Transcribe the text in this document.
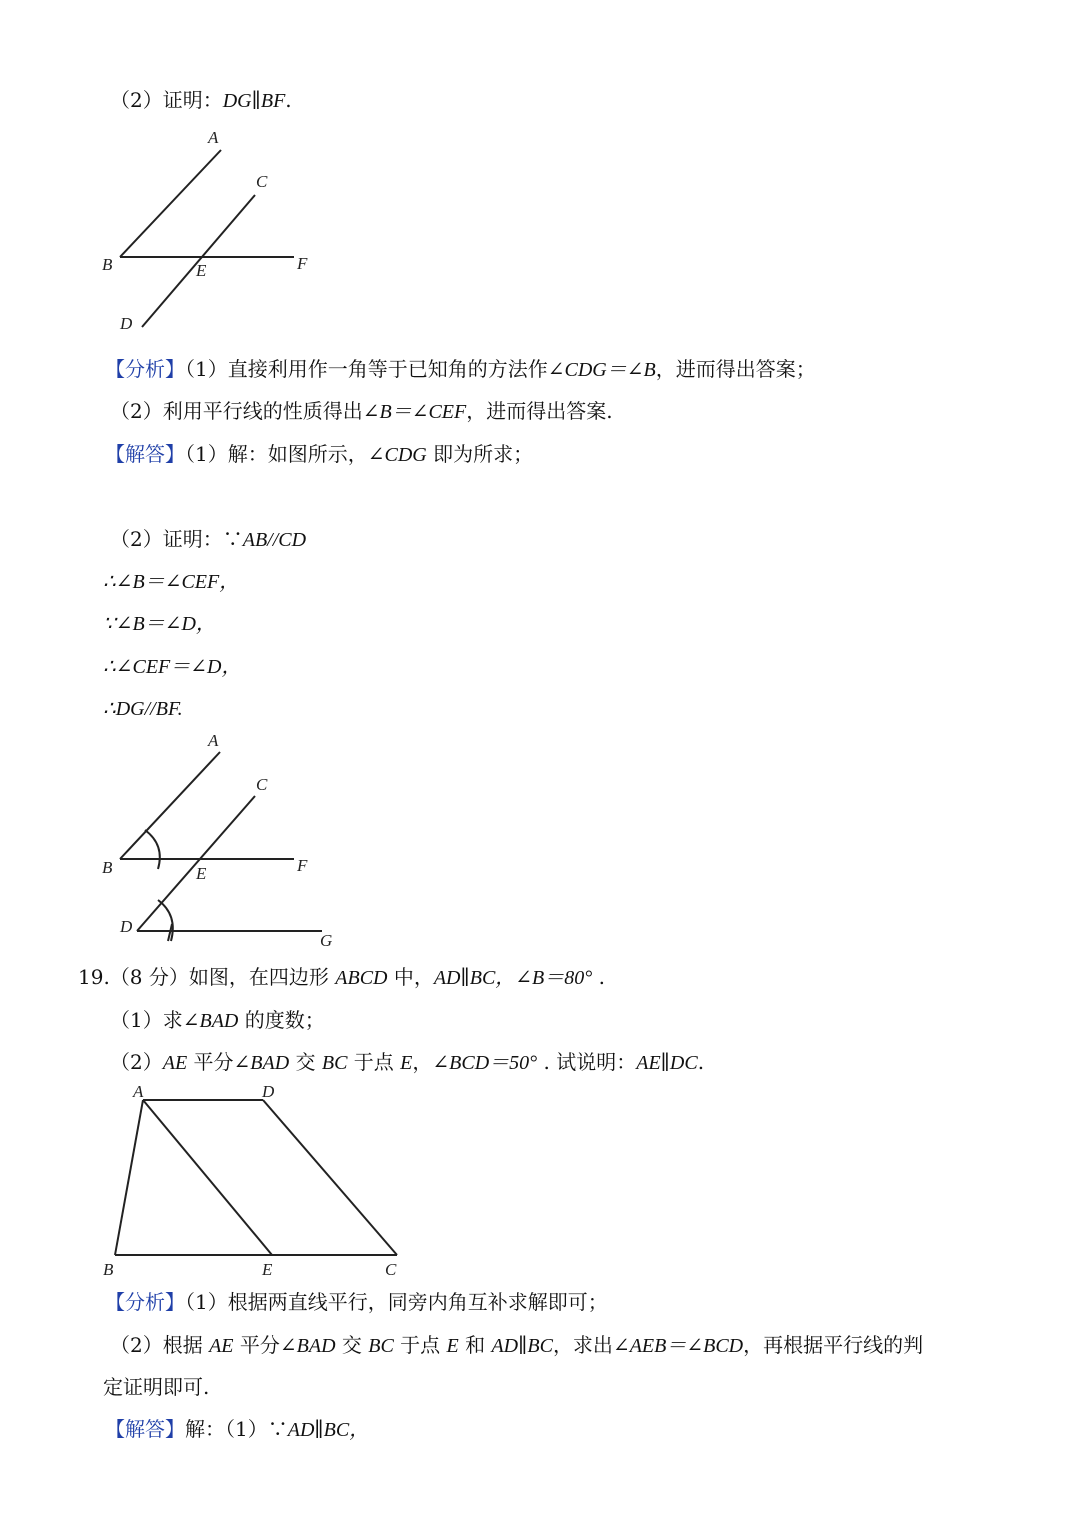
（2）证明：DG∥BF.
A
C
B	E	F
D
【分析】（1）直接利用作一角等于已知角的方法作∠CDG＝∠B，进而得出答案；
（2）利用平行线的性质得出∠B＝∠CEF，进而得出答案.
【解答】（1）解：如图所示，∠CDG 即为所求；
（2）证明：∵AB//CD
∴∠B＝∠CEF，
∵∠B＝∠D，
∴∠CEF＝∠D，
∴DG//BF.
A
C
B	E	F
D
G
19.（8 分）如图，在四边形 ABCD 中，AD∥BC，∠B＝80° .
（1）求∠BAD 的度数；
（2）AE 平分∠BAD 交 BC 于点 E，∠BCD＝50° . 试说明：AE∥DC.
A	D
B	E	C
【分析】（1）根据两直线平行，同旁内角互补求解即可；
（2）根据 AE 平分∠BAD 交 BC 于点 E 和 AD∥BC，求出∠AEB＝∠BCD，再根据平行线的判
定证明即可.
【解答】解：（1）∵AD∥BC，
